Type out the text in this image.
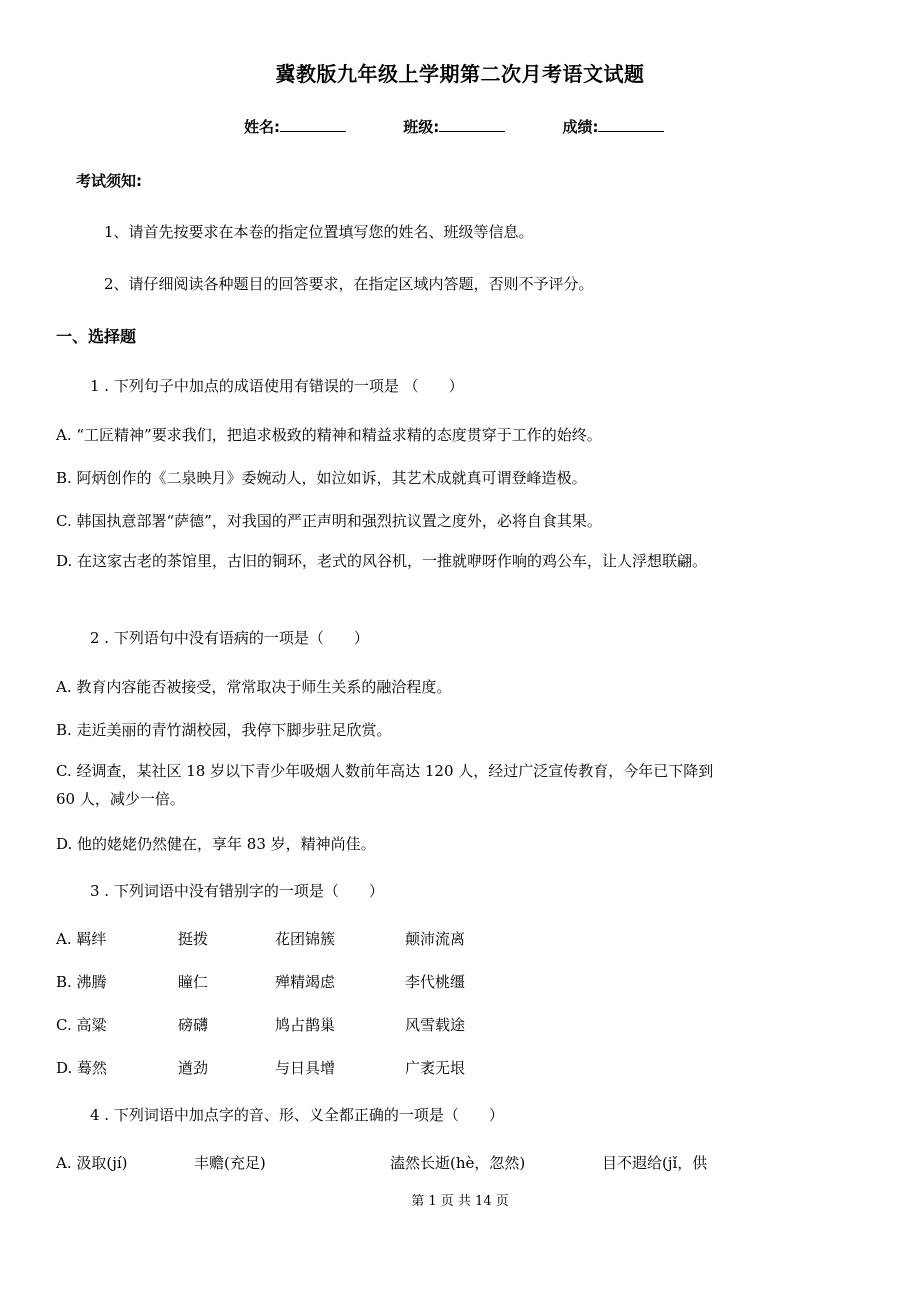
冀教版九年级上学期第二次月考语文试题
姓名:	班级:	成绩:
考试须知:
1、请首先按要求在本卷的指定位置填写您的姓名、班级等信息。
2、请仔细阅读各种题目的回答要求，在指定区域内答题，否则不予评分。
一、选择题
1 . 下列句子中加点的成语使用有错误的一项是 （　　）
A. “工匠精神”要求我们，把追求极致的精神和精益求精的态度贯穿于工作的始终。
B. 阿炳创作的《二泉映月》委婉动人，如泣如诉，其艺术成就真可谓登峰造极。
C. 韩国执意部署“萨德”，对我国的严正声明和强烈抗议置之度外，必将自食其果。
D. 在这家古老的茶馆里，古旧的铜环，老式的风谷机，一推就咿呀作响的鸡公车，让人浮想联翩。
2 . 下列语句中没有语病的一项是（　　）
A. 教育内容能否被接受，常常取决于师生关系的融洽程度。
B. 走近美丽的青竹湖校园，我停下脚步驻足欣赏。
C. 经调查，某社区 18 岁以下青少年吸烟人数前年高达 120 人，经过广泛宣传教育，今年已下降到 60 人，减少一倍。
D. 他的姥姥仍然健在，享年 83 岁，精神尚佳。
3 . 下列词语中没有错别字的一项是（　　）
A. 羁绊	挺拨	花团锦簇	颠沛流离
B. 沸腾	瞳仁	殚精竭虑	李代桃缰
C. 高粱	磅礴	鸠占鹊巢	风雪载途
D. 蓦然	遒劲	与日具增	广袤无垠
4 . 下列词语中加点字的音、形、义全都正确的一项是（　　）
A. 汲取(jí)	丰赡(充足)	溘然长逝(hè，忽然)	目不遐给(jǐ，供
第 1 页 共 14 页
